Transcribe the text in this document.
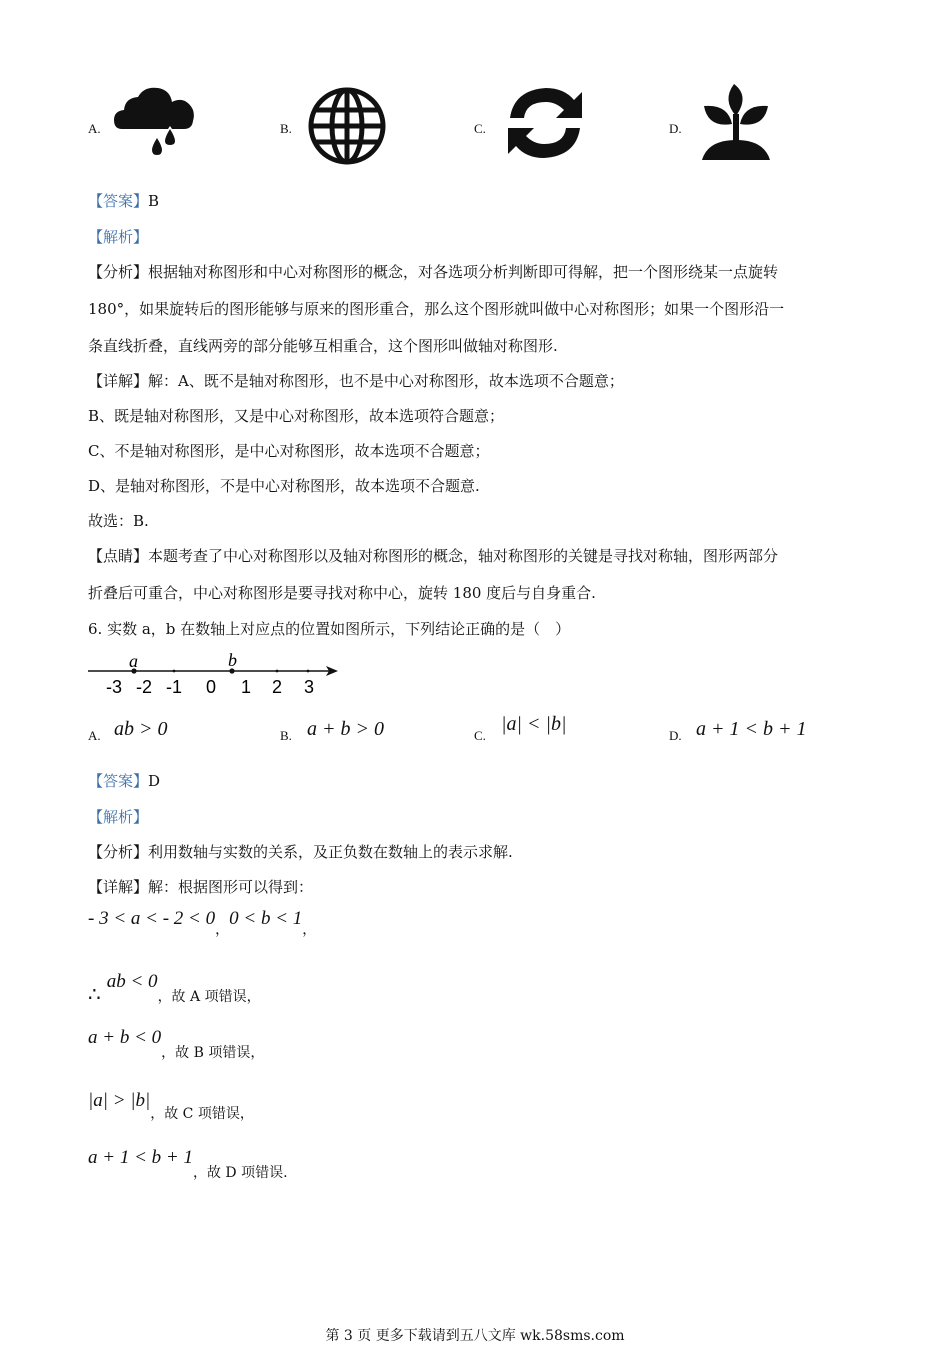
A.	B.	C.	D.
【答案】B
【解析】
【分析】根据轴对称图形和中心对称图形的概念，对各选项分析判断即可得解，把一个图形绕某一点旋转
180°，如果旋转后的图形能够与原来的图形重合，那么这个图形就叫做中心对称图形；如果一个图形沿一
条直线折叠，直线两旁的部分能够互相重合，这个图形叫做轴对称图形.
【详解】解：A、既不是轴对称图形，也不是中心对称图形，故本选项不合题意；
B、既是轴对称图形，又是中心对称图形，故本选项符合题意；
C、不是轴对称图形，是中心对称图形，故本选项不合题意；
D、是轴对称图形，不是中心对称图形，故本选项不合题意.
故选：B.
【点睛】本题考查了中心对称图形以及轴对称图形的概念，轴对称图形的关键是寻找对称轴，图形两部分
折叠后可重合，中心对称图形是要寻找对称中心，旋转 180 度后与自身重合.
6. 实数 a，b 在数轴上对应点的位置如图所示，下列结论正确的是（　）
a	b
-3 -2 -1 0 1 2 3
A. ab > 0	B. a + b > 0	C.
|a| < |b|
D. a + 1 < b + 1
【答案】D
【解析】
【分析】利用数轴与实数的关系，及正负数在数轴上的表示求解.
【详解】解：根据图形可以得到：
- 3 < a < - 2 < 0，0 < b < 1，
∴ab < 0，故 A 项错误，
a + b < 0，故 B 项错误，
|a| > |b|，故 C 项错误，
a + 1 < b + 1，故 D 项错误.
第 3 页 更多下载请到五八文库 wk.58sms.com
